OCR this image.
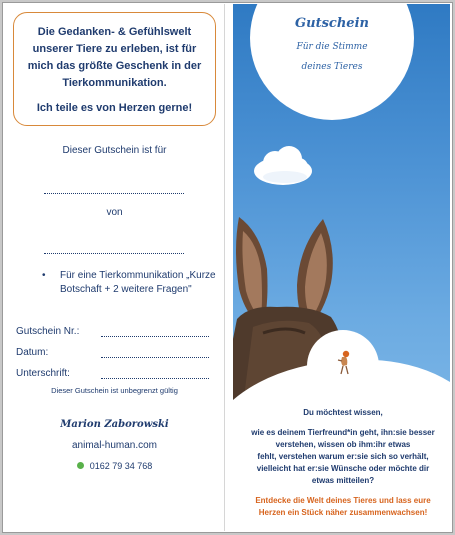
Die Gedanken- & Gefühlswelt
unserer Tiere zu erleben, ist für
mich das größte Geschenk in der
Tierkommunikation.
Ich teile es von Herzen gerne!
Dieser Gutschein ist für
von
•	Für eine Tierkommunikation „Kurze
Botschaft + 2 weitere Fragen"
Gutschein Nr.:
Datum:
Unterschrift:
Dieser Gutschein ist unbegrenzt gültig
Marion Zaborowski
animal-human.com
0162 79 34 768
Gutschein
Für die Stimme
deines Tieres
Du möchtest wissen,
wie es deinem Tierfreund*in geht, ihn:sie besser
verstehen, wissen ob ihm:ihr etwas
fehlt, verstehen warum er:sie sich so verhält,
vielleicht hat er:sie Wünsche oder möchte dir
etwas mitteilen?
Entdecke die Welt deines Tieres und lass eure
Herzen ein Stück näher zusammenwachsen!
